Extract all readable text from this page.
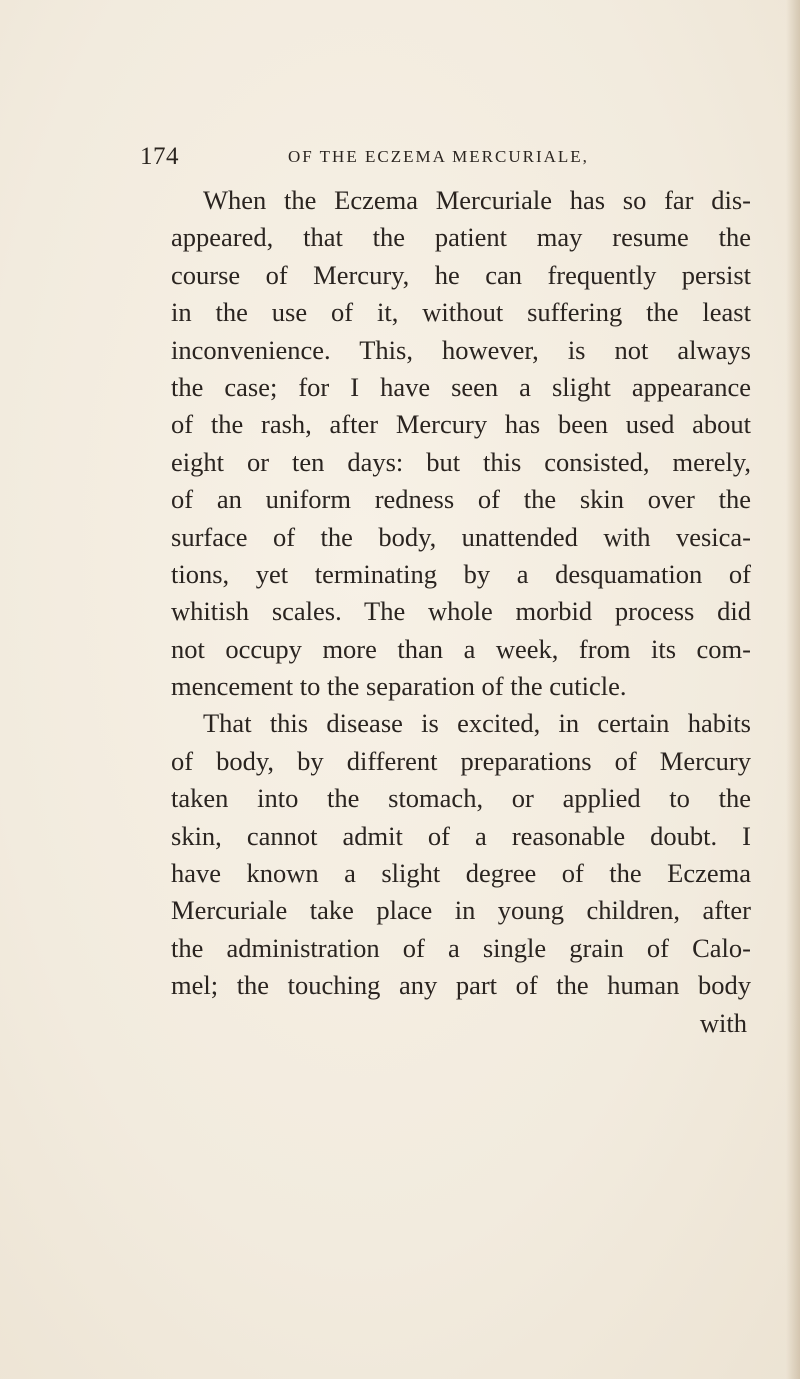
174	OF THE ECZEMA MERCURIALE,
When the Eczema Mercuriale has so far dis-
appeared, that the patient may resume the
course of Mercury, he can frequently persist
in the use of it, without suffering the least
inconvenience. This, however, is not always
the case; for I have seen a slight appearance
of the rash, after Mercury has been used about
eight or ten days: but this consisted, merely,
of an uniform redness of the skin over the
surface of the body, unattended with vesica-
tions, yet terminating by a desquamation of
whitish scales. The whole morbid process did
not occupy more than a week, from its com-
mencement to the separation of the cuticle.
That this disease is excited, in certain habits
of body, by different preparations of Mercury
taken into the stomach, or applied to the
skin, cannot admit of a reasonable doubt. I
have known a slight degree of the Eczema
Mercuriale take place in young children, after
the administration of a single grain of Calo-
mel; the touching any part of the human body
with
